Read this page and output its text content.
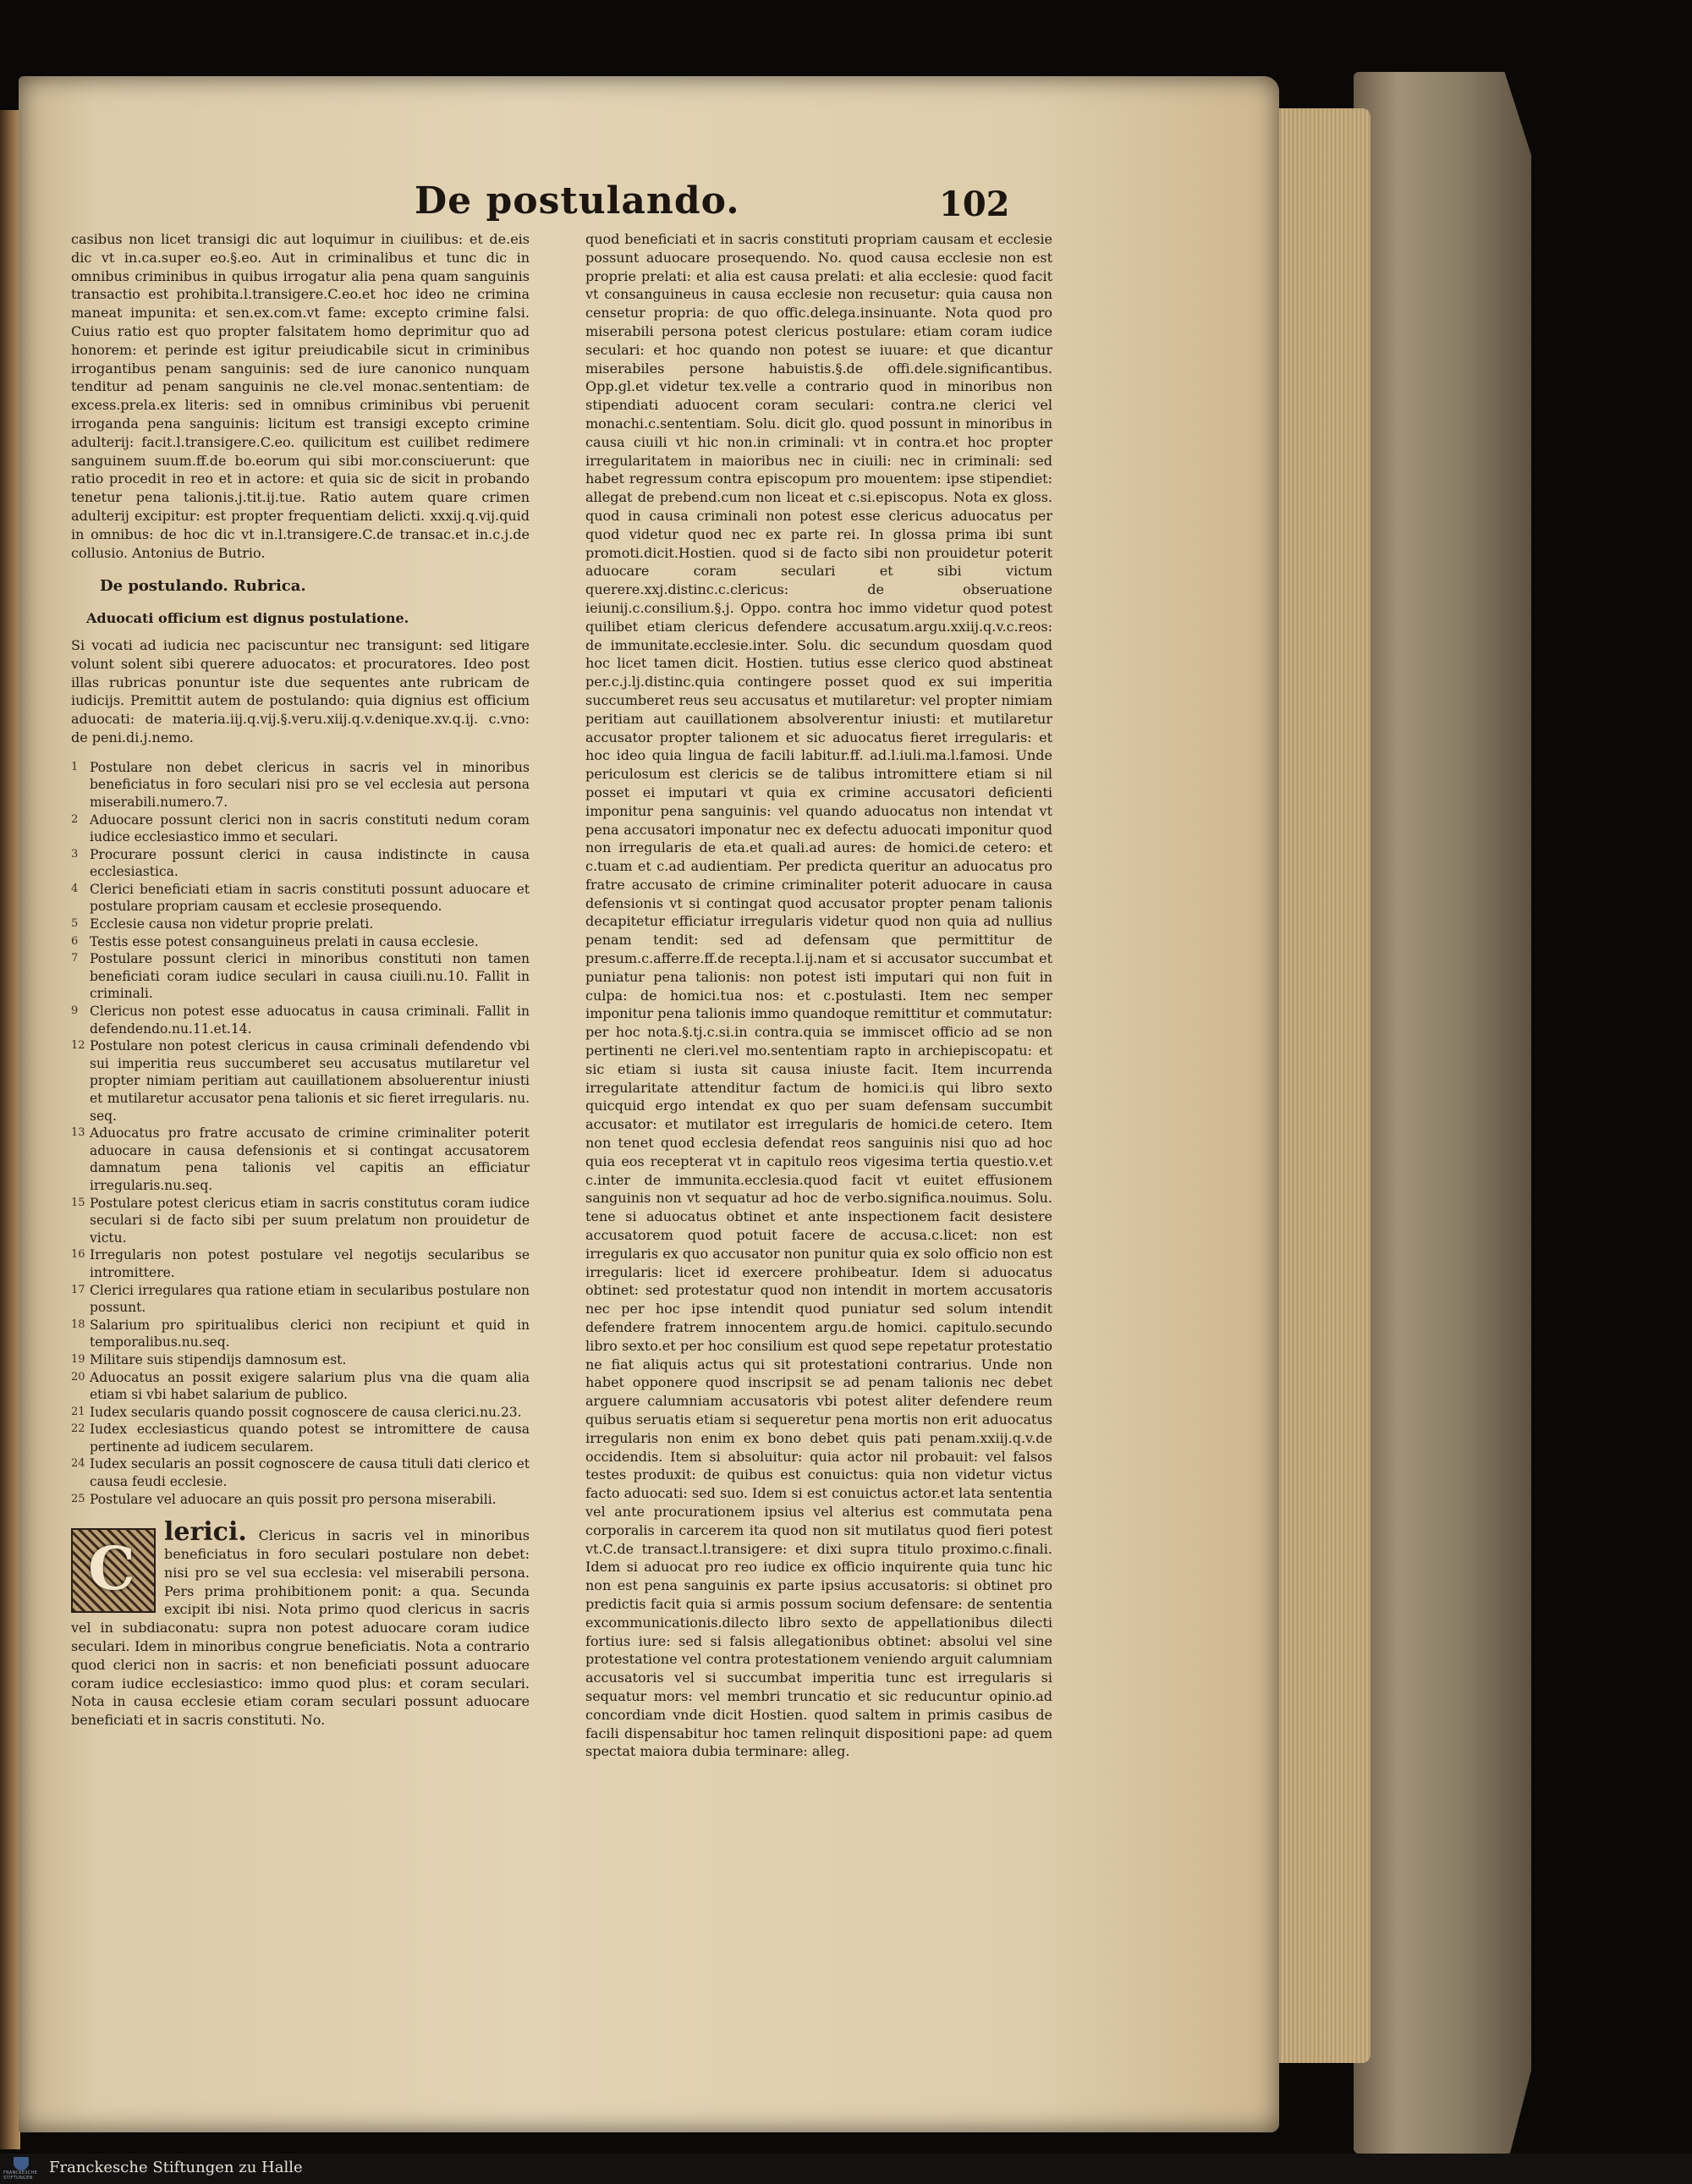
De postulando.	102

casibus non licet transigi dic aut loquimur in ciuilibus: et de.eis dic vt in.ca.super eo.§.eo. Aut in criminalibus et tunc dic in omnibus criminibus in quibus irrogatur alia pena quam sanguinis transactio est prohibita.l.transigere.C.eo.et hoc ideo ne crimina maneat impunita: et sen.ex.com.vt fame: excepto crimine falsi. Cuius ratio est quo propter falsitatem homo deprimitur quo ad honorem: et perinde est igitur preiudicabile sicut in criminibus irrogantibus penam sanguinis: sed de iure canonico nunquam tenditur ad penam sanguinis ne cle.vel monac.sententiam: de excess.prela.ex literis: sed in omnibus criminibus vbi peruenit irroganda pena sanguinis: licitum est transigi excepto crimine adulterij: facit.l.transigere.C.eo. quilicitum est cuilibet redimere sanguinem suum.ff.de bo.eorum qui sibi mor.consciuerunt: que ratio procedit in reo et in actore: et quia sic de sicit in probando tenetur pena talionis.j.tit.ij.tue. Ratio autem quare crimen adulterij excipitur: est propter frequentiam delicti. xxxij.q.vij.quid in omnibus: de hoc dic vt in.l.transigere.C.de transac.et in.c.j.de collusio. Antonius de Butrio.

De postulando. Rubrica.

Aduocati officium est dignus postulatione.

Si vocati ad iudicia nec paciscuntur nec transigunt: sed litigare volunt solent sibi querere aduocatos: et procuratores. Ideo post illas rubricas ponuntur iste due sequentes ante rubricam de iudicijs. Premittit autem de postulando: quia dignius est officium aduocati: de materia.iij.q.vij.§.veru.xiij.q.v.denique.xv.q.ij. c.vno: de peni.di.j.nemo.

1 Postulare non debet clericus in sacris vel in minoribus beneficiatus in foro seculari nisi pro se vel ecclesia aut persona miserabili.numero.7.
2 Aduocare possunt clerici non in sacris constituti nedum coram iudice ecclesiastico immo et seculari.
3 Procurare possunt clerici in causa indistincte in causa ecclesiastica.
4 Clerici beneficiati etiam in sacris constituti possunt aduocare et postulare propriam causam et ecclesie prosequendo.
5 Ecclesie causa non videtur proprie prelati.
6 Testis esse potest consanguineus prelati in causa ecclesie.
7 Postulare possunt clerici in minoribus constituti non tamen beneficiati coram iudice seculari in causa ciuili.nu.10. Fallit in criminali.
9 Clericus non potest esse aduocatus in causa criminali. Fallit in defendendo.nu.11.et.14.
12 Postulare non potest clericus in causa criminali defendendo vbi sui imperitia reus succumberet seu accusatus mutilaretur vel propter nimiam peritiam aut cauillationem absoluerentur iniusti et mutilaretur accusator pena talionis et sic fieret irregularis. nu. seq.
13 Aduocatus pro fratre accusato de crimine criminaliter poterit aduocare in causa defensionis et si contingat accusatorem damnatum pena talionis vel capitis an efficiatur irregularis.nu.seq.
15 Postulare potest clericus etiam in sacris constitutus coram iudice seculari si de facto sibi per suum prelatum non prouidetur de victu.
16 Irregularis non potest postulare vel negotijs secularibus se intromittere.
17 Clerici irregulares qua ratione etiam in secularibus postulare non possunt.
18 Salarium pro spiritualibus clerici non recipiunt et quid in temporalibus.nu.seq.
19 Militare suis stipendijs damnosum est.
20 Aduocatus an possit exigere salarium plus vna die quam alia etiam si vbi habet salarium de publico.
21 Iudex secularis quando possit cognoscere de causa clerici.nu.23.
22 Iudex ecclesiasticus quando potest se intromittere de causa pertinente ad iudicem secularem.
24 Iudex secularis an possit cognoscere de causa tituli dati clerico et causa feudi ecclesie.
25 Postulare vel aduocare an quis possit pro persona miserabili.
C
lerici. Clericus in sacris vel in minoribus beneficiatus in foro seculari postulare non debet: nisi pro se vel sua ecclesia: vel miserabili persona. Pers prima prohibitionem ponit: a qua. Secunda excipit ibi nisi. Nota primo quod clericus in sacris vel in subdiaconatu: supra non potest aduocare coram iudice seculari. Idem in minoribus congrue beneficiatis. Nota a contrario quod clerici non in sacris: et non beneficiati possunt aduocare coram iudice ecclesiastico: immo quod plus: et coram seculari. Nota in causa ecclesie etiam coram seculari possunt aduocare beneficiati et in sacris constituti. No.

quod beneficiati et in sacris constituti propriam causam et ecclesie possunt aduocare prosequendo. No. quod causa ecclesie non est proprie prelati: et alia est causa prelati: et alia ecclesie: quod facit vt consanguineus in causa ecclesie non recusetur: quia causa non censetur propria: de quo offic.delega.insinuante. Nota quod pro miserabili persona potest clericus postulare: etiam coram iudice seculari: et hoc quando non potest se iuuare: et que dicantur miserabiles persone habuistis.§.de offi.dele.significantibus. Opp.gl.et videtur tex.velle a contrario quod in minoribus non stipendiati aduocent coram seculari: contra.ne clerici vel monachi.c.sententiam. Solu. dicit glo. quod possunt in minoribus in causa ciuili vt hic non.in criminali: vt in contra.et hoc propter irregularitatem in maioribus nec in ciuili: nec in criminali: sed habet regressum contra episcopum pro mouentem: ipse stipendiet: allegat de prebend.cum non liceat et c.si.episcopus. Nota ex gloss. quod in causa criminali non potest esse clericus aduocatus per quod videtur quod nec ex parte rei. In glossa prima ibi sunt promoti.dicit.Hostien. quod si de facto sibi non prouidetur poterit aduocare coram seculari et sibi victum querere.xxj.distinc.c.clericus: de obseruatione ieiunij.c.consilium.§.j. Oppo. contra hoc immo videtur quod potest quilibet etiam clericus defendere accusatum.argu.xxiij.q.v.c.reos: de immunitate.ecclesie.inter. Solu. dic secundum quosdam quod hoc licet tamen dicit. Hostien. tutius esse clerico quod abstineat per.c.j.lj.distinc.quia contingere posset quod ex sui imperitia succumberet reus seu accusatus et mutilaretur: vel propter nimiam peritiam aut cauillationem absolverentur iniusti: et mutilaretur accusator propter talionem et sic aduocatus fieret irregularis: et hoc ideo quia lingua de facili labitur.ff. ad.l.iuli.ma.l.famosi. Unde periculosum est clericis se de talibus intromittere etiam si nil posset ei imputari vt quia ex crimine accusatori deficienti imponitur pena sanguinis: vel quando aduocatus non intendat vt pena accusatori imponatur nec ex defectu aduocati imponitur quod non irregularis de eta.et quali.ad aures: de homici.de cetero: et c.tuam et c.ad audientiam. Per predicta queritur an aduocatus pro fratre accusato de crimine criminaliter poterit aduocare in causa defensionis vt si contingat quod accusator propter penam talionis decapitetur efficiatur irregularis videtur quod non quia ad nullius penam tendit: sed ad defensam que permittitur de presum.c.afferre.ff.de recepta.l.ij.nam et si accusator succumbat et puniatur pena talionis: non potest isti imputari qui non fuit in culpa: de homici.tua nos: et c.postulasti. Item nec semper imponitur pena talionis immo quandoque remittitur et commutatur: per hoc nota.§.tj.c.si.in contra.quia se immiscet officio ad se non pertinenti ne cleri.vel mo.sententiam rapto in archiepiscopatu: et sic etiam si iusta sit causa iniuste facit. Item incurrenda irregularitate attenditur factum de homici.is qui libro sexto quicquid ergo intendat ex quo per suam defensam succumbit accusator: et mutilator est irregularis de homici.de cetero. Item non tenet quod ecclesia defendat reos sanguinis nisi quo ad hoc quia eos recepterat vt in capitulo reos vigesima tertia questio.v.et c.inter de immunita.ecclesia.quod facit vt euitet effusionem sanguinis non vt sequatur ad hoc de verbo.significa.nouimus. Solu. tene si aduocatus obtinet et ante inspectionem facit desistere accusatorem quod potuit facere de accusa.c.licet: non est irregularis ex quo accusator non punitur quia ex solo officio non est irregularis: licet id exercere prohibeatur. Idem si aduocatus obtinet: sed protestatur quod non intendit in mortem accusatoris nec per hoc ipse intendit quod puniatur sed solum intendit defendere fratrem innocentem argu.de homici. capitulo.secundo libro sexto.et per hoc consilium est quod sepe repetatur protestatio ne fiat aliquis actus qui sit protestationi contrarius. Unde non habet opponere quod inscripsit se ad penam talionis nec debet arguere calumniam accusatoris vbi potest aliter defendere reum quibus seruatis etiam si sequeretur pena mortis non erit aduocatus irregularis non enim ex bono debet quis pati penam.xxiij.q.v.de occidendis. Item si absoluitur: quia actor nil probauit: vel falsos testes produxit: de quibus est conuictus: quia non videtur victus facto aduocati: sed suo. Idem si est conuictus actor.et lata sententia vel ante procurationem ipsius vel alterius est commutata pena corporalis in carcerem ita quod non sit mutilatus quod fieri potest vt.C.de transact.l.transigere: et dixi supra titulo proximo.c.finali. Idem si aduocat pro reo iudice ex officio inquirente quia tunc hic non est pena sanguinis ex parte ipsius accusatoris: si obtinet pro predictis facit quia si armis possum socium defensare: de sententia excommunicationis.dilecto libro sexto de appellationibus dilecti fortius iure: sed si falsis allegationibus obtinet: absolui vel sine protestatione vel contra protestationem veniendo arguit calumniam accusatoris vel si succumbat imperitia tunc est irregularis si sequatur mors: vel membri truncatio et sic reducuntur opinio.ad concordiam vnde dicit Hostien. quod saltem in primis casibus de facili dispensabitur hoc tamen relinquit dispositioni pape: ad quem spectat maiora dubia terminare: alleg.

FRANCKESCHE STIFTUNGEN
Franckesche Stiftungen zu Halle
